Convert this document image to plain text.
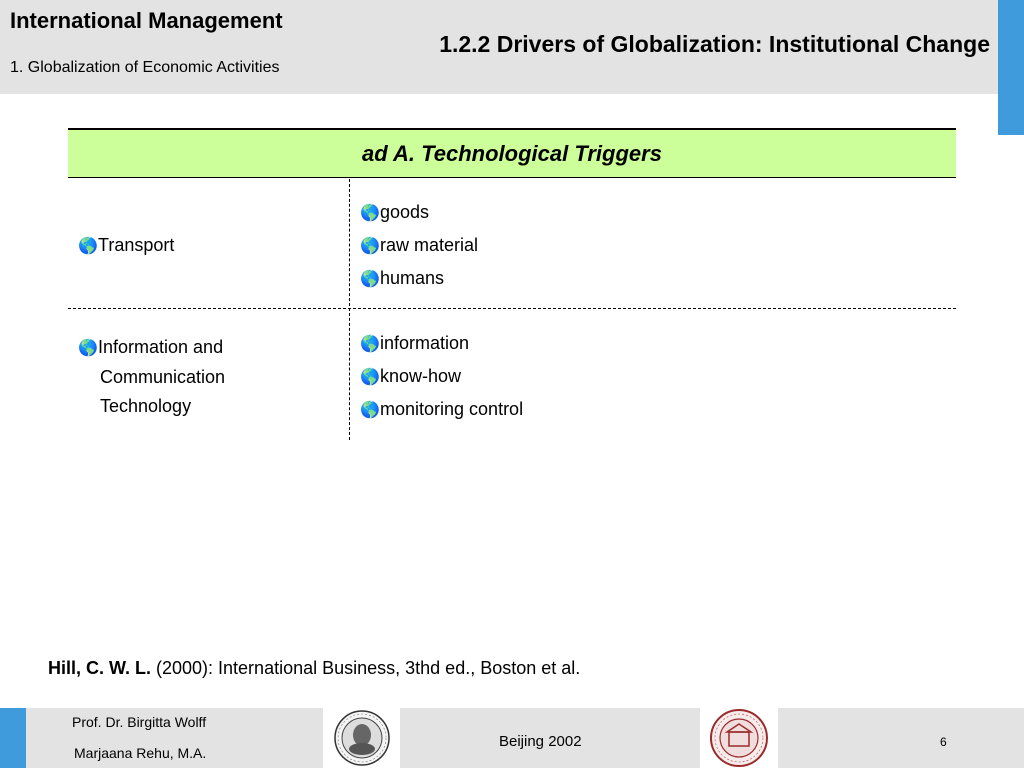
International Management
1. Globalization of Economic Activities
1.2.2 Drivers of Globalization: Institutional Change
ad A. Technological Triggers
🌎Transport
🌎goods
🌎raw material
🌎humans
🌎Information and
Communication
Technology
🌎information
🌎know-how
🌎monitoring control
Hill, C. W. L. (2000): International Business, 3thd ed., Boston et al.
Prof. Dr. Birgitta Wolff
Marjaana Rehu, M.A.
Beijing 2002	6
